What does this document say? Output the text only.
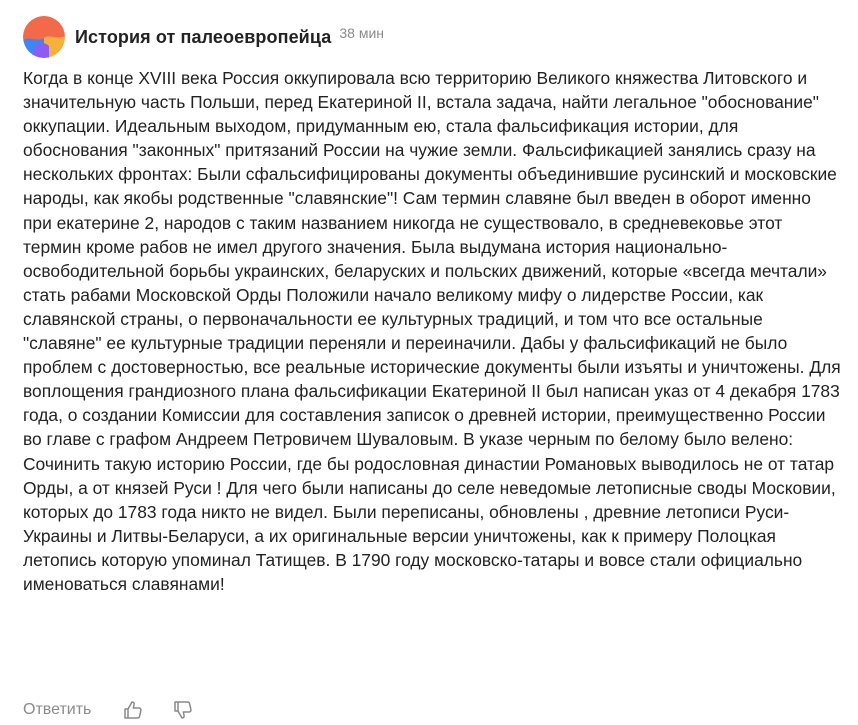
История от палеоевропейца 38 мин

Когда в конце XVIII века Россия оккупировала всю территорию Великого княжества Литовского и значительную часть Польши, перед Екатериной II, встала задача, найти легальное "обоснование" оккупации. Идеальным выходом, придуманным ею, стала фальсификация истории, для обоснования "законных" притязаний России на чужие земли. Фальсификацией занялись сразу на нескольких фронтах: Были сфальсифицированы документы объединившие русинский и московские народы, как якобы родственные "славянские"! Сам термин славяне был введен в оборот именно при екатерине 2, народов с таким названием никогда не существовало, в средневековье этот термин кроме рабов не имел другого значения. Была выдумана история национально-освободительной борьбы украинских, беларуских и польских движений, которые «всегда мечтали» стать рабами Московской Орды Положили начало великому мифу о лидерстве России, как славянской страны, о первоначальности ее культурных традиций, и том что все остальные "славяне" ее культурные традиции переняли и переиначили. Дабы у фальсификаций не было проблем с достоверностью, все реальные исторические документы были изъяты и уничтожены. Для воплощения грандиозного плана фальсификации Екатериной II был написан указ от 4 декабря 1783 года, о создании Комиссии для составления записок о древней истории, преимущественно России во главе с графом Андреем Петровичем Шуваловым. В указе черным по белому было велено: Сочинить такую историю России, где бы родословная династии Романовых выводилось не от татар Орды, а от князей Руси ! Для чего были написаны до селе неведомые летописные своды Московии, которых до 1783 года никто не видел. Были переписаны, обновлены , древние летописи Руси-Украины и Литвы-Беларуси, а их оригинальные версии уничтожены, как к примеру Полоцкая летопись которую упоминал Татищев. В 1790 году московско-татары и вовсе стали официально именоваться славянами!

Ответить
